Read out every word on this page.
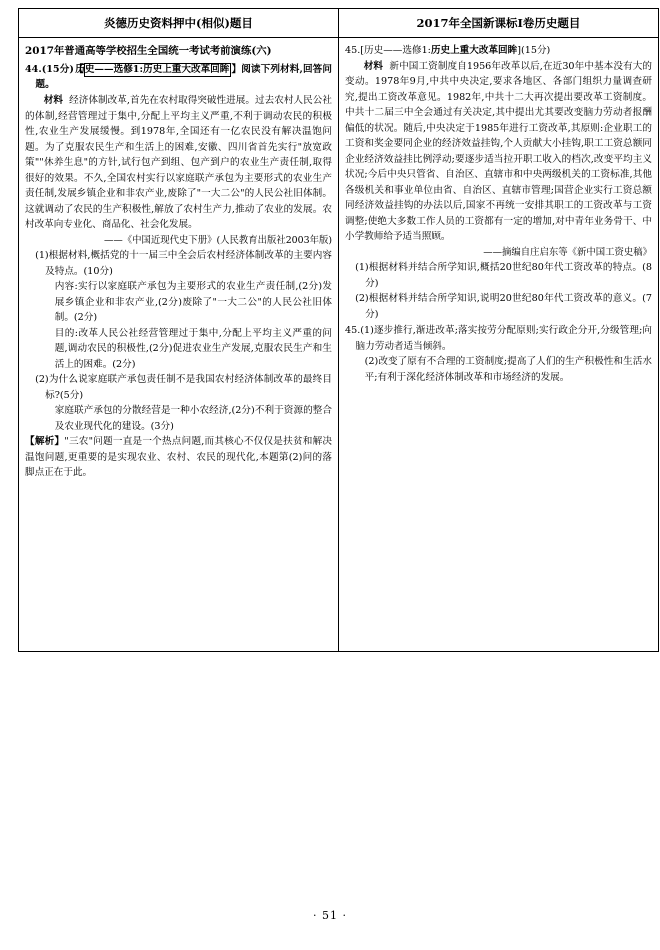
炎德历史资料押中(相似)题目	2017年全国新课标Ⅰ卷历史题目

2017年普通高等学校招生全国统一考试考前演练(六)

44.(15分)【历史——选修1:历史上重大改革回眸 】阅读下列材料,回答问题。

材料 经济体制改革,首先在农村取得突破性进展。过去农村人民公社的体制,经营管理过于集中,分配上平均主义严重,不利于调动农民的积极性,农业生产发展缓慢。到1978年,全国还有一亿农民没有解决温饱问题。为了克服农民生产和生活上的困难,安徽、四川省首先实行"放宽政策""休养生息"的方针,试行包产到组、包产到户的农业生产责任制,取得很好的效果。不久,全国农村实行以家庭联产承包为主要形式的农业生产责任制,发展乡镇企业和非农产业,废除了"一大二公"的人民公社旧体制。这就调动了农民的生产积极性,解放了农村生产力,推动了农业的发展。农村改革向专业化、商品化、社会化发展。

——《中国近现代史下册》(人民教育出版社2003年版)

(1)根据材料,概括党的十一届三中全会后农村经济体制改革的主要内容及特点。(10分)

内容:实行以家庭联产承包为主要形式的农业生产责任制,(2分)发展乡镇企业和非农产业,(2分)废除了"一大二公"的人民公社旧体制。(2分)

目的:改革人民公社经营管理过于集中,分配上平均主义严重的问题,调动农民的积极性,(2分)促进农业生产发展,克服农民生产和生活上的困难。(2分)

(2)为什么说家庭联产承包责任制不是我国农村经济体制改革的最终目标?(5分)

家庭联产承包的分散经营是一种小农经济,(2分)不利于资源的整合及农业现代化的建设。(3分)

【解析】"三农"问题一直是一个热点问题,而其核心不仅仅是扶贫和解决温饱问题,更重要的是实现农业、农村、农民的现代化,本题第(2)问的落脚点正在于此。

45.[历史——选修1:历史上重大改革回眸](15分)

材料 新中国工资制度自1956年改革以后,在近30年中基本没有大的变动。1978年9月,中共中央决定,要求各地区、各部门组织力量调查研究,提出工资改革意见。1982年,中共十二大再次提出要改革工资制度。中共十二届三中全会通过有关决定,其中提出尤其要改变脑力劳动者报酬偏低的状况。随后,中央决定于1985年进行工资改革,其原则:企业职工的工资和奖金要同企业的经济效益挂钩,个人贡献大小挂钩,职工工资总额同企业经济效益挂比例浮动;要逐步适当拉开职工收入的档次,改变平均主义状况;今后中央只管省、自治区、直辖市和中央两级机关的工资标准,其他各级机关和事业单位由省、自治区、直辖市管理;国营企业实行工资总额同经济效益挂钩的办法以后,国家不再统一安排其职工的工资改革与工资调整;使绝大多数工作人员的工资都有一定的增加,对中青年业务骨干、中小学教师给予适当照顾。

——摘编自庄启东等《新中国工资史稿》

(1)根据材料并结合所学知识,概括20世纪80年代工资改革的特点。(8分)

(2)根据材料并结合所学知识,说明20世纪80年代工资改革的意义。(7分)

45.(1)逐步推行,渐进改革;落实按劳分配原则;实行政企分开,分级管理;向脑力劳动者适当倾斜。

(2)改变了原有不合理的工资制度;提高了人们的生产积极性和生活水平;有利于深化经济体制改革和市场经济的发展。

· 51 ·
